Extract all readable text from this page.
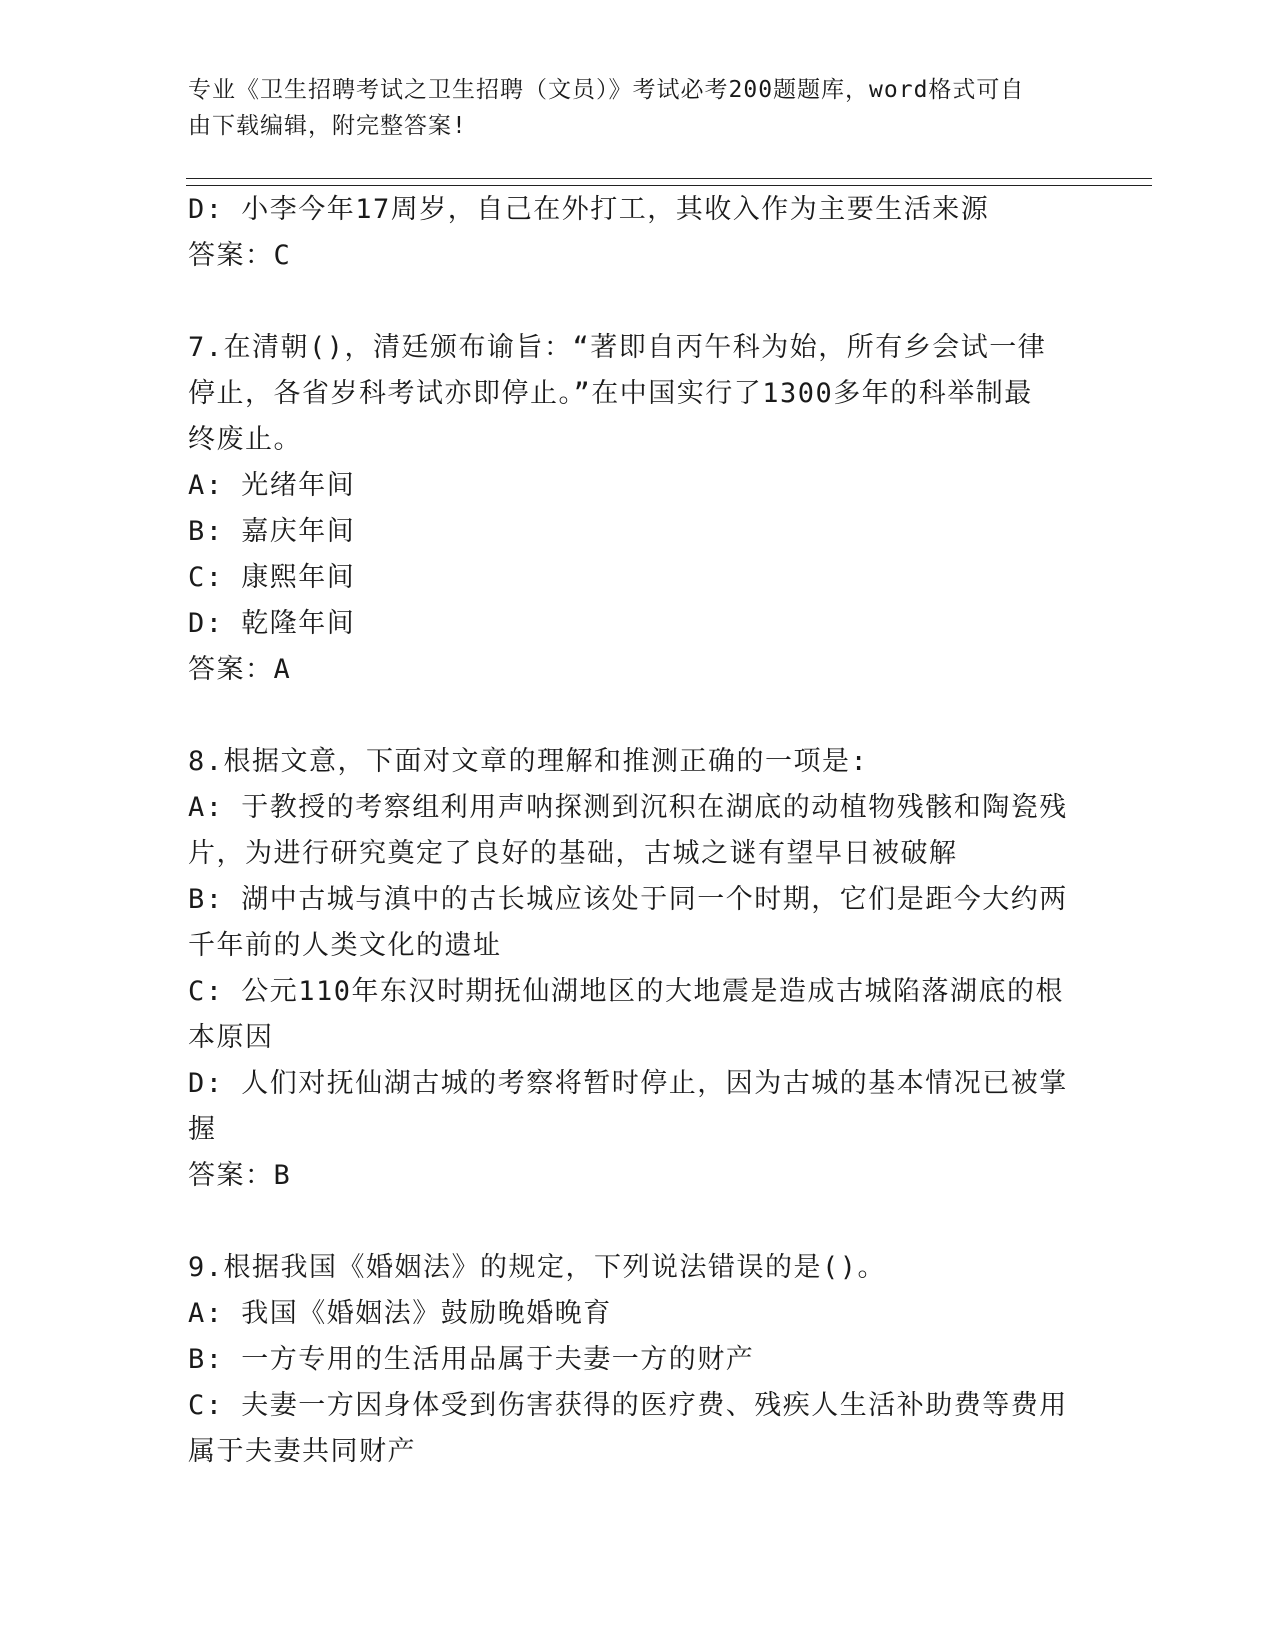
专业《卫生招聘考试之卫生招聘（文员）》考试必考200题题库，word格式可自
由下载编辑，附完整答案!
D: 小李今年17周岁，自己在外打工，其收入作为主要生活来源
答案：C
7.在清朝()，清廷颁布谕旨：“著即自丙午科为始，所有乡会试一律
停止，各省岁科考试亦即停止。”在中国实行了1300多年的科举制最
终废止。
A: 光绪年间
B: 嘉庆年间
C: 康熙年间
D: 乾隆年间
答案：A
8.根据文意，下面对文章的理解和推测正确的一项是:
A: 于教授的考察组利用声呐探测到沉积在湖底的动植物残骸和陶瓷残
片，为进行研究奠定了良好的基础，古城之谜有望早日被破解
B: 湖中古城与滇中的古长城应该处于同一个时期，它们是距今大约两
千年前的人类文化的遗址
C: 公元110年东汉时期抚仙湖地区的大地震是造成古城陷落湖底的根
本原因
D: 人们对抚仙湖古城的考察将暂时停止，因为古城的基本情况已被掌
握
答案：B
9.根据我国《婚姻法》的规定，下列说法错误的是()。
A: 我国《婚姻法》鼓励晚婚晚育
B: 一方专用的生活用品属于夫妻一方的财产
C: 夫妻一方因身体受到伤害获得的医疗费、残疾人生活补助费等费用
属于夫妻共同财产
